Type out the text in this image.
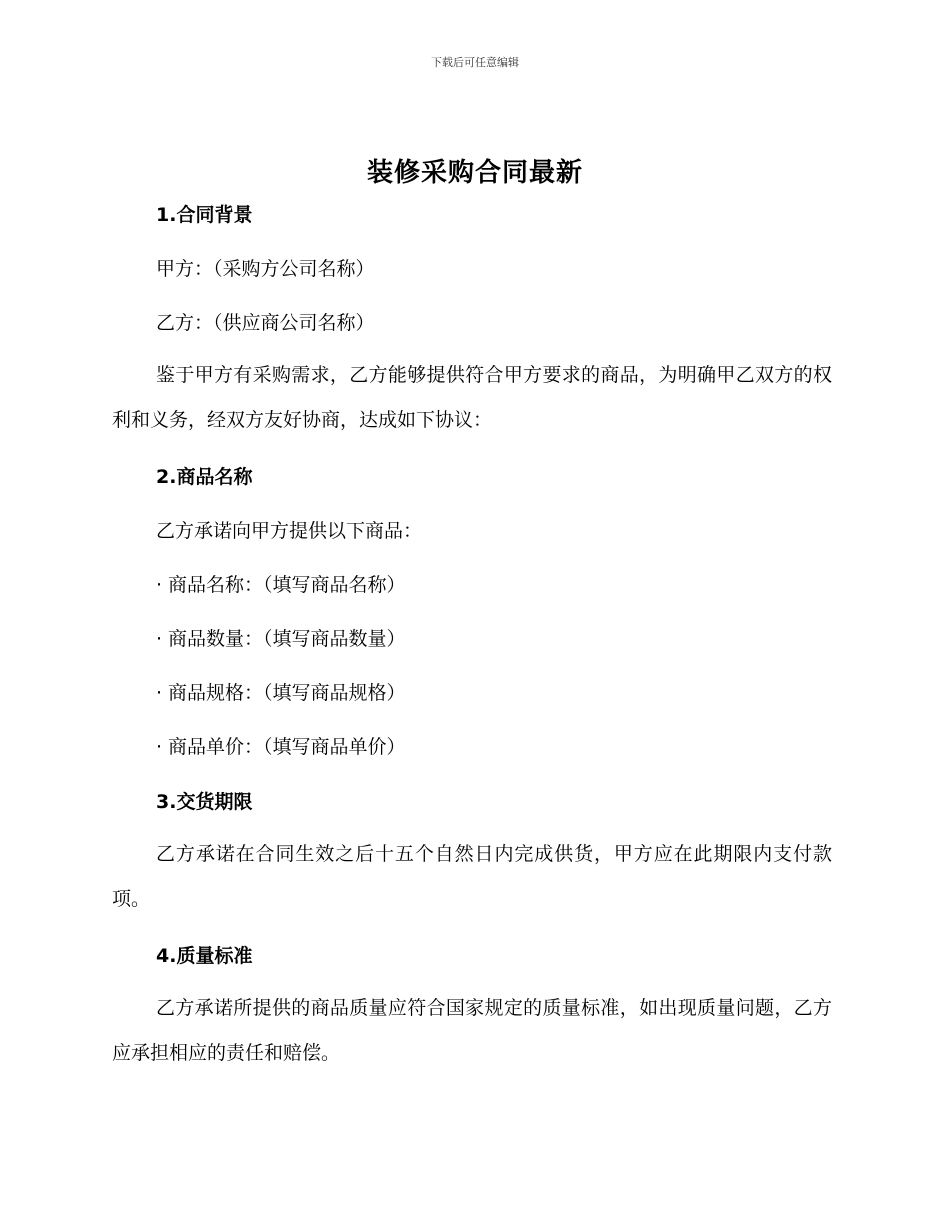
下载后可任意编辑
装修采购合同最新
1.合同背景
甲方：（采购方公司名称）
乙方：（供应商公司名称）
鉴于甲方有采购需求，乙方能够提供符合甲方要求的商品，为明确甲乙双方的权利和义务，经双方友好协商，达成如下协议：
2.商品名称
乙方承诺向甲方提供以下商品：
· 商品名称：（填写商品名称）
· 商品数量：（填写商品数量）
· 商品规格：（填写商品规格）
· 商品单价：（填写商品单价）
3.交货期限
乙方承诺在合同生效之后十五个自然日内完成供货，甲方应在此期限内支付款项。
4.质量标准
乙方承诺所提供的商品质量应符合国家规定的质量标准，如出现质量问题，乙方应承担相应的责任和赔偿。
